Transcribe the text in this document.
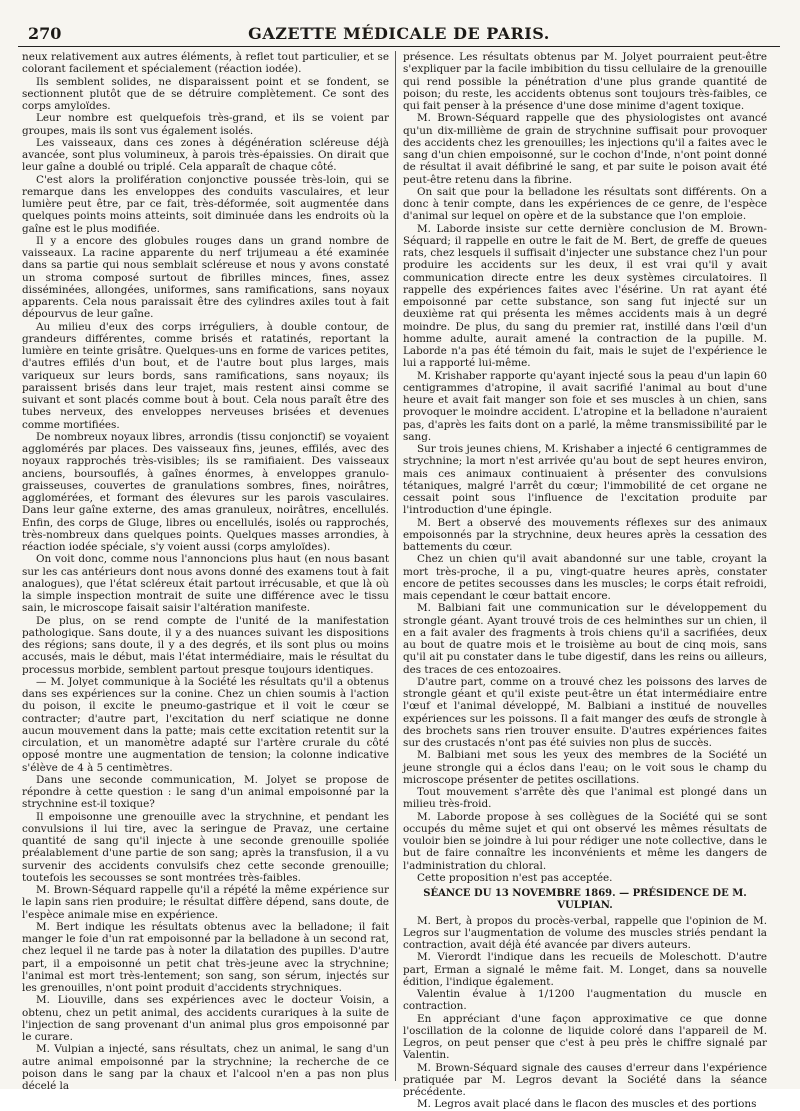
270	GAZETTE MÉDICALE DE PARIS.

neux relativement aux autres éléments, à reflet tout particulier, et se colorant facilement et spécialement (réaction iodée).

Ils semblent solides, ne disparaissent point et se fondent, se sectionnent plutôt que de se détruire complètement. Ce sont des corps amyloïdes.

Leur nombre est quelquefois très-grand, et ils se voient par groupes, mais ils sont vus également isolés.

Les vaisseaux, dans ces zones à dégénération scléreuse déjà avancée, sont plus volumineux, à parois très-épaissies. On dirait que leur gaîne a doublé ou triplé. Cela apparaît de chaque côté.

C'est alors la prolifération conjonctive poussée très-loin, qui se remarque dans les enveloppes des conduits vasculaires, et leur lumière peut être, par ce fait, très-déformée, soit augmentée dans quelques points moins atteints, soit diminuée dans les endroits où la gaîne est le plus modifiée.

Il y a encore des globules rouges dans un grand nombre de vaisseaux. La racine apparente du nerf trijumeau a été examinée dans sa partie qui nous semblait scléreuse et nous y avons constaté un stroma composé surtout de fibrilles minces, fines, assez disséminées, allongées, uniformes, sans ramifications, sans noyaux apparents. Cela nous paraissait être des cylindres axiles tout à fait dépourvus de leur gaîne.

Au milieu d'eux des corps irréguliers, à double contour, de grandeurs différentes, comme brisés et ratatinés, reportant la lumière en teinte grisâtre. Quelques-uns en forme de varices petites, d'autres effilés d'un bout, et de l'autre bout plus larges, mais variqueux sur leurs bords, sans ramifications, sans noyaux; ils paraissent brisés dans leur trajet, mais restent ainsi comme se suivant et sont placés comme bout à bout. Cela nous paraît être des tubes nerveux, des enveloppes nerveuses brisées et devenues comme mortifiées.

De nombreux noyaux libres, arrondis (tissu conjonctif) se voyaient agglomérés par places. Des vaisseaux fins, jeunes, effilés, avec des noyaux rapprochés très-visibles; ils se ramifiaient. Des vaisseaux anciens, boursouflés, à gaînes énormes, à enveloppes granulo-graisseuses, couvertes de granulations sombres, fines, noirâtres, agglomérées, et formant des élevures sur les parois vasculaires. Dans leur gaîne externe, des amas granuleux, noirâtres, encellulés. Enfin, des corps de Gluge, libres ou encellulés, isolés ou rapprochés, très-nombreux dans quelques points. Quelques masses arrondies, à réaction iodée spéciale, s'y voient aussi (corps amyloïdes).

On voit donc, comme nous l'annoncions plus haut (en nous basant sur les cas antérieurs dont nous avons donné des examens tout à fait analogues), que l'état scléreux était partout irrécusable, et que là où la simple inspection montrait de suite une différence avec le tissu sain, le microscope faisait saisir l'altération manifeste.

De plus, on se rend compte de l'unité de la manifestation pathologique. Sans doute, il y a des nuances suivant les dispositions des régions; sans doute, il y a des degrés, et ils sont plus ou moins accusés, mais le début, mais l'état intermédiaire, mais le résultat du processus morbide, semblent partout presque toujours identiques.

— M. Jolyet communique à la Société les résultats qu'il a obtenus dans ses expériences sur la conine. Chez un chien soumis à l'action du poison, il excite le pneumo-gastrique et il voit le cœur se contracter; d'autre part, l'excitation du nerf sciatique ne donne aucun mouvement dans la patte; mais cette excitation retentit sur la circulation, et un manomètre adapté sur l'artère crurale du côté opposé montre une augmentation de tension; la colonne indicative s'élève de 4 à 5 centimètres.

Dans une seconde communication, M. Jolyet se propose de répondre à cette question : le sang d'un animal empoisonné par la strychnine est-il toxique?

Il empoisonne une grenouille avec la strychnine, et pendant les convulsions il lui tire, avec la seringue de Pravaz, une certaine quantité de sang qu'il injecte à une seconde grenouille spoliée préalablement d'une partie de son sang; après la transfusion, il a vu survenir des accidents convulsifs chez cette seconde grenouille; toutefois les secousses se sont montrées très-faibles.

M. Brown-Séquard rappelle qu'il a répété la même expérience sur le lapin sans rien produire; le résultat diffère dépend, sans doute, de l'espèce animale mise en expérience.

M. Bert indique les résultats obtenus avec la belladone; il fait manger le foie d'un rat empoisonné par la belladone à un second rat, chez lequel il ne tarde pas à noter la dilatation des pupilles. D'autre part, il a empoisonné un petit chat très-jeune avec la strychnine; l'animal est mort très-lentement; son sang, son sérum, injectés sur les grenouilles, n'ont point produit d'accidents strychniques.

M. Liouville, dans ses expériences avec le docteur Voisin, a obtenu, chez un petit animal, des accidents curariques à la suite de l'injection de sang provenant d'un animal plus gros empoisonné par le curare.

M. Vulpian a injecté, sans résultats, chez un animal, le sang d'un autre animal empoisonné par la strychnine; la recherche de ce poison dans le sang par la chaux et l'alcool n'en a pas non plus décelé la

présence. Les résultats obtenus par M. Jolyet pourraient peut-être s'expliquer par la facile imbibition du tissu cellulaire de la grenouille qui rend possible la pénétration d'une plus grande quantité de poison; du reste, les accidents obtenus sont toujours très-faibles, ce qui fait penser à la présence d'une dose minime d'agent toxique.

M. Brown-Séquard rappelle que des physiologistes ont avancé qu'un dix-millième de grain de strychnine suffisait pour provoquer des accidents chez les grenouilles; les injections qu'il a faites avec le sang d'un chien empoisonné, sur le cochon d'Inde, n'ont point donné de résultat il avait défibriné le sang, et par suite le poison avait été peut-être retenu dans la fibrine.

On sait que pour la belladone les résultats sont différents. On a donc à tenir compte, dans les expériences de ce genre, de l'espèce d'animal sur lequel on opère et de la substance que l'on emploie.

M. Laborde insiste sur cette dernière conclusion de M. Brown-Séquard; il rappelle en outre le fait de M. Bert, de greffe de queues rats, chez lesquels il suffisait d'injecter une substance chez l'un pour produire les accidents sur les deux, il est vrai qu'il y avait communication directe entre les deux systèmes circulatoires. Il rappelle des expériences faites avec l'ésérine. Un rat ayant été empoisonné par cette substance, son sang fut injecté sur un deuxième rat qui présenta les mêmes accidents mais à un degré moindre. De plus, du sang du premier rat, instillé dans l'œil d'un homme adulte, aurait amené la contraction de la pupille. M. Laborde n'a pas été témoin du fait, mais le sujet de l'expérience le lui a rapporté lui-même.

M. Krishaber rapporte qu'ayant injecté sous la peau d'un lapin 60 centigrammes d'atropine, il avait sacrifié l'animal au bout d'une heure et avait fait manger son foie et ses muscles à un chien, sans provoquer le moindre accident. L'atropine et la belladone n'auraient pas, d'après les faits dont on a parlé, la même transmissibilité par le sang.

Sur trois jeunes chiens, M. Krishaber a injecté 6 centigrammes de strychnine; la mort n'est arrivée qu'au bout de sept heures environ, mais ces animaux continuaient à présenter des convulsions tétaniques, malgré l'arrêt du cœur; l'immobilité de cet organe ne cessait point sous l'influence de l'excitation produite par l'introduction d'une épingle.

M. Bert a observé des mouvements réflexes sur des animaux empoisonnés par la strychnine, deux heures après la cessation des battements du cœur.

Chez un chien qu'il avait abandonné sur une table, croyant la mort très-proche, il a pu, vingt-quatre heures après, constater encore de petites secousses dans les muscles; le corps était refroidi, mais cependant le cœur battait encore.

M. Balbiani fait une communication sur le développement du strongle géant. Ayant trouvé trois de ces helminthes sur un chien, il en a fait avaler des fragments à trois chiens qu'il a sacrifiées, deux au bout de quatre mois et le troisième au bout de cinq mois, sans qu'il ait pu constater dans le tube digestif, dans les reins ou ailleurs, des traces de ces entozoaires.

D'autre part, comme on a trouvé chez les poissons des larves de strongle géant et qu'il existe peut-être un état intermédiaire entre l'œuf et l'animal développé, M. Balbiani a institué de nouvelles expériences sur les poissons. Il a fait manger des œufs de strongle à des brochets sans rien trouver ensuite. D'autres expériences faites sur des crustacés n'ont pas été suivies non plus de succès.

M. Balbiani met sous les yeux des membres de la Société un jeune strongle qui a éclos dans l'eau; on le voit sous le champ du microscope présenter de petites oscillations.

Tout mouvement s'arrête dès que l'animal est plongé dans un milieu très-froid.

M. Laborde propose à ses collègues de la Société qui se sont occupés du même sujet et qui ont observé les mêmes résultats de vouloir bien se joindre à lui pour rédiger une note collective, dans le but de faire connaître les inconvénients et même les dangers de l'administration du chloral.

Cette proposition n'est pas acceptée.

SÉANCE DU 13 NOVEMBRE 1869. — PRÉSIDENCE DE M. VULPIAN.

M. Bert, à propos du procès-verbal, rappelle que l'opinion de M. Legros sur l'augmentation de volume des muscles striés pendant la contraction, avait déjà été avancée par divers auteurs.

M. Vierordt l'indique dans les recueils de Moleschott. D'autre part, Erman a signalé le même fait. M. Longet, dans sa nouvelle édition, l'indique également.

Valentin évalue à 1/1200 l'augmentation du muscle en contraction.

En appréciant d'une façon approximative ce que donne l'oscillation de la colonne de liquide coloré dans l'appareil de M. Legros, on peut penser que c'est à peu près le chiffre signalé par Valentin.

M. Brown-Séquard signale des causes d'erreur dans l'expérience pratiquée par M. Legros devant la Société dans la séance précédente.

M. Legros avait placé dans le flacon des muscles et des portions
